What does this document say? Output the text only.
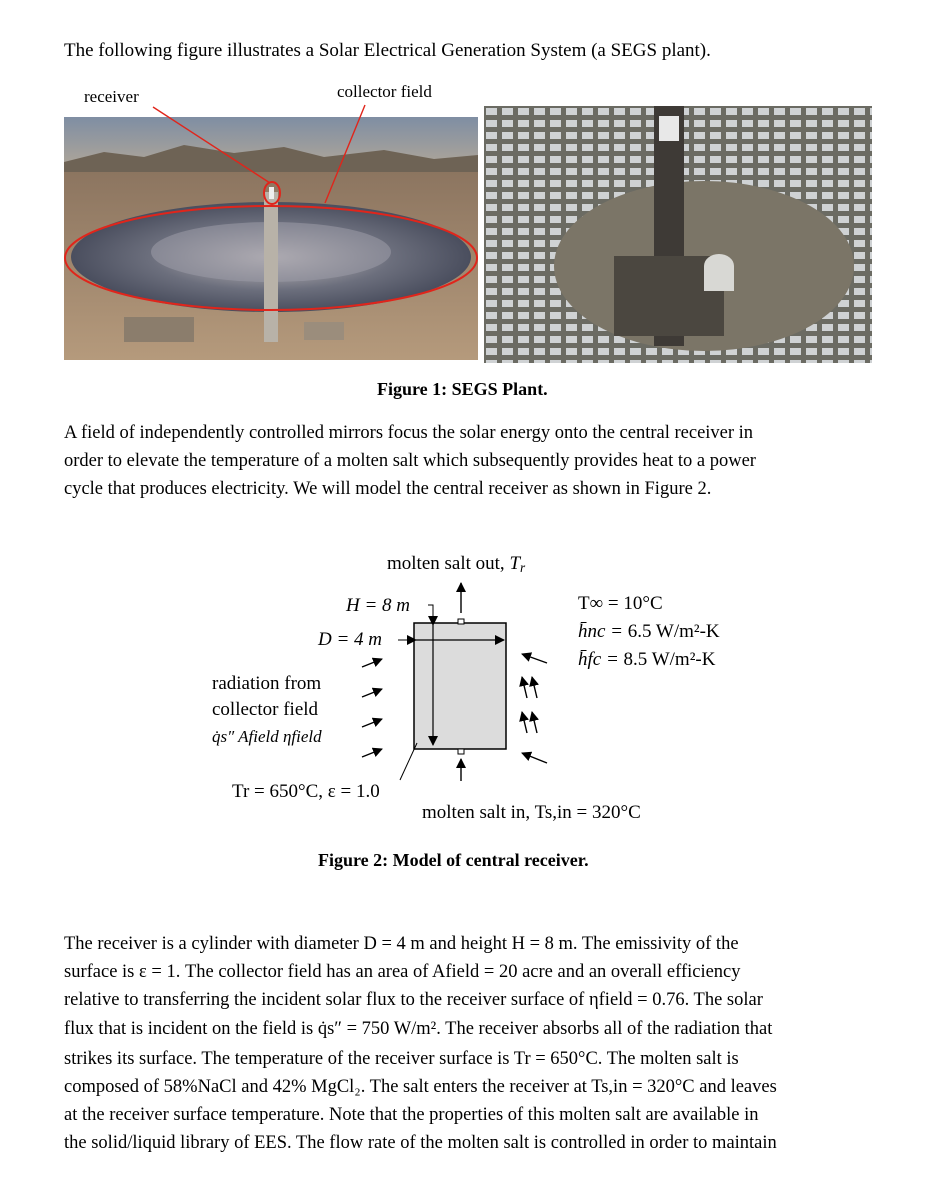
The following figure illustrates a Solar Electrical Generation System (a SEGS plant).
receiver	collector field
Figure 1: SEGS Plant.

A field of independently controlled mirrors focus the solar energy onto the central receiver in

order to elevate the temperature of a molten salt which subsequently provides heat to a power

cycle that produces electricity. We will model the central receiver as shown in Figure 2.

molten salt out, $T_r$
H = 8 m
D = 4 m
T∞ = 10°C
h̄nc = 6.5 W/m²-K
h̄fc = 8.5 W/m²-K
radiation from
collector field
q̇s″ Afield ηfield
Tr = 650°C, ε = 1.0
molten salt in, Ts,in = 320°C
Figure 2: Model of central receiver.

The receiver is a cylinder with diameter D = 4 m and height H = 8 m. The emissivity of the

surface is ε = 1. The collector field has an area of Afield = 20 acre and an overall efficiency

relative to transferring the incident solar flux to the receiver surface of ηfield = 0.76. The solar

flux that is incident on the field is q̇s″ = 750 W/m². The receiver absorbs all of the radiation that

strikes its surface. The temperature of the receiver surface is Tr = 650°C. The molten salt is

composed of 58%NaCl and 42% MgCl₂. The salt enters the receiver at Ts,in = 320°C and leaves

at the receiver surface temperature. Note that the properties of this molten salt are available in

the solid/liquid library of EES. The flow rate of the molten salt is controlled in order to maintain
